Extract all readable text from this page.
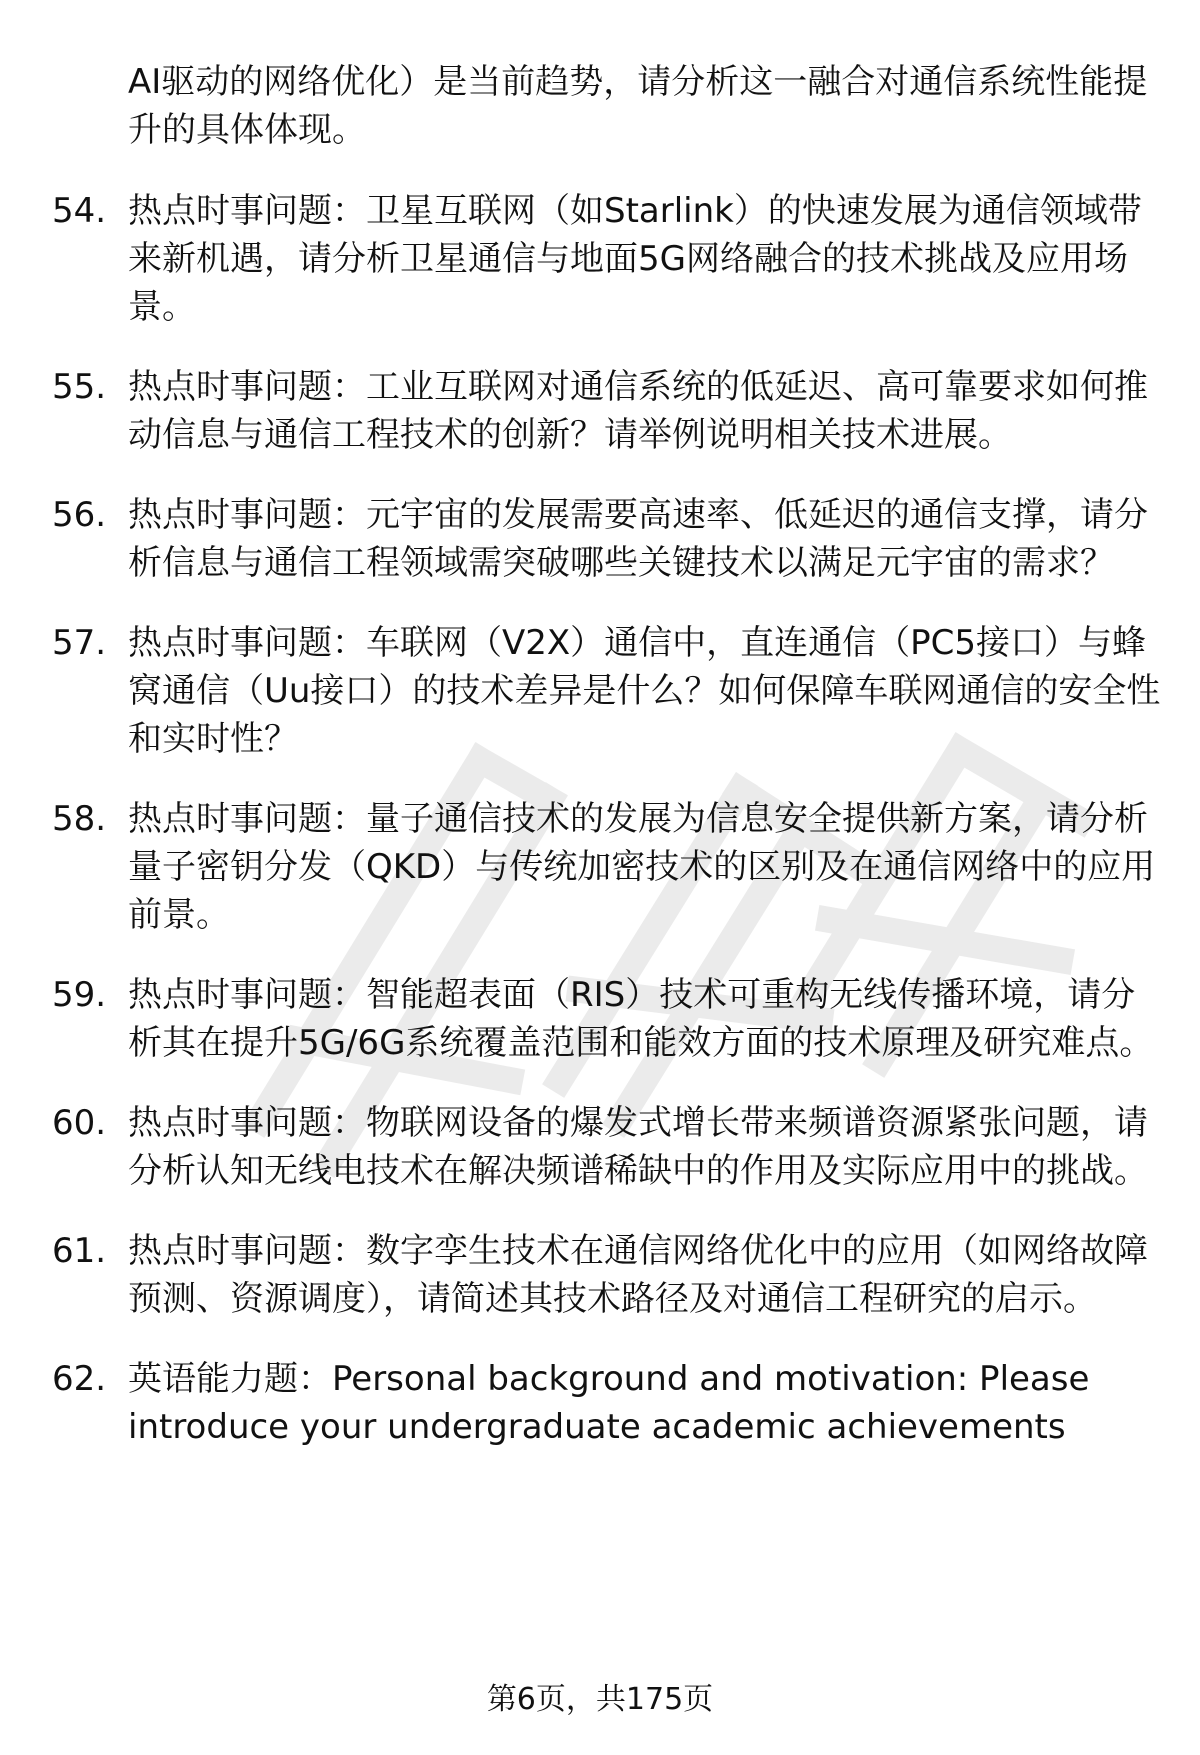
AI驱动的网络优化）是当前趋势，请分析这一融合对通信系统性能提升的具体体现。
54. 热点时事问题：卫星互联网（如Starlink）的快速发展为通信领域带来新机遇，请分析卫星通信与地面5G网络融合的技术挑战及应用场景。
55. 热点时事问题：工业互联网对通信系统的低延迟、高可靠要求如何推动信息与通信工程技术的创新？请举例说明相关技术进展。
56. 热点时事问题：元宇宙的发展需要高速率、低延迟的通信支撑，请分析信息与通信工程领域需突破哪些关键技术以满足元宇宙的需求？
57. 热点时事问题：车联网（V2X）通信中，直连通信（PC5接口）与蜂窝通信（Uu接口）的技术差异是什么？如何保障车联网通信的安全性和实时性？
58. 热点时事问题：量子通信技术的发展为信息安全提供新方案，请分析量子密钥分发（QKD）与传统加密技术的区别及在通信网络中的应用前景。
59. 热点时事问题：智能超表面（RIS）技术可重构无线传播环境，请分析其在提升5G/6G系统覆盖范围和能效方面的技术原理及研究难点。
60. 热点时事问题：物联网设备的爆发式增长带来频谱资源紧张问题，请分析认知无线电技术在解决频谱稀缺中的作用及实际应用中的挑战。
61. 热点时事问题：数字孪生技术在通信网络优化中的应用（如网络故障预测、资源调度），请简述其技术路径及对通信工程研究的启示。
62. 英语能力题：Personal background and motivation: Please introduce your undergraduate academic achievements
第6页，共175页
